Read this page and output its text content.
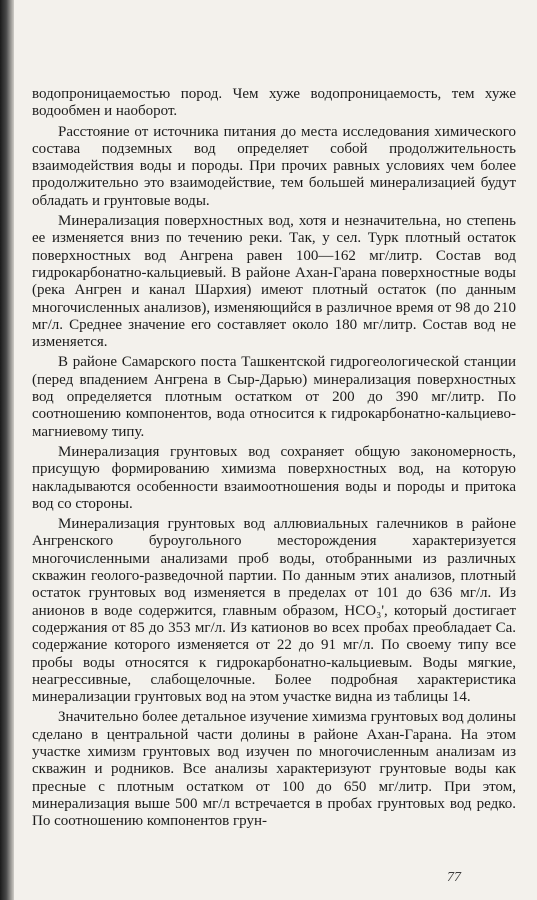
водопроницаемостью пород. Чем хуже водопроницаемость, тем хуже водообмен и наоборот.

Расстояние от источника питания до места исследования химического состава подземных вод определяет собой продолжительность взаимодействия воды и породы. При прочих равных условиях чем более продолжительно это взаимодействие, тем большей минерализацией будут обладать и грунтовые воды.

Минерализация поверхностных вод, хотя и незначительна, но степень ее изменяется вниз по течению реки. Так, у сел. Турк плотный остаток поверхностных вод Ангрена равен 100—162 мг/литр. Состав вод гидрокарбонатно-кальциевый. В районе Ахан-Гарана поверхностные воды (река Ангрен и канал Шархия) имеют плотный остаток (по данным многочисленных анализов), изменяющийся в различное время от 98 до 210 мг/л. Среднее значение его составляет около 180 мг/литр. Состав вод не изменяется.

В районе Самарского поста Ташкентской гидрогеологической станции (перед впадением Ангрена в Сыр-Дарью) минерализация поверхностных вод определяется плотным остатком от 200 до 390 мг/литр. По соотношению компонентов, вода относится к гидрокарбонатно-кальциево-магниевому типу.

Минерализация грунтовых вод сохраняет общую закономерность, присущую формированию химизма поверхностных вод, на которую накладываются особенности взаимоотношения воды и породы и притока вод со стороны.

Минерализация грунтовых вод аллювиальных галечников в районе Ангренского буроугольного месторождения характеризуется многочисленными анализами проб воды, отобранными из различных скважин геолого-разведочной партии. По данным этих анализов, плотный остаток грунтовых вод изменяется в пределах от 101 до 636 мг/л. Из анионов в воде содержится, главным образом, HCO₃', который достигает содержания от 85 до 353 мг/л. Из катионов во всех пробах преобладает Ca. содержание которого изменяется от 22 до 91 мг/л. По своему типу все пробы воды относятся к гидрокарбонатно-кальциевым. Воды мягкие, неагрессивные, слабощелочные. Более подробная характеристика минерализации грунтовых вод на этом участке видна из таблицы 14.

Значительно более детальное изучение химизма грунтовых вод долины сделано в центральной части долины в районе Ахан-Гарана. На этом участке химизм грунтовых вод изучен по многочисленным анализам из скважин и родников. Все анализы характеризуют грунтовые воды как пресные с плотным остатком от 100 до 650 мг/литр. При этом, минерализация выше 500 мг/л встречается в пробах грунтовых вод редко. По соотношению компонентов грун-

77
